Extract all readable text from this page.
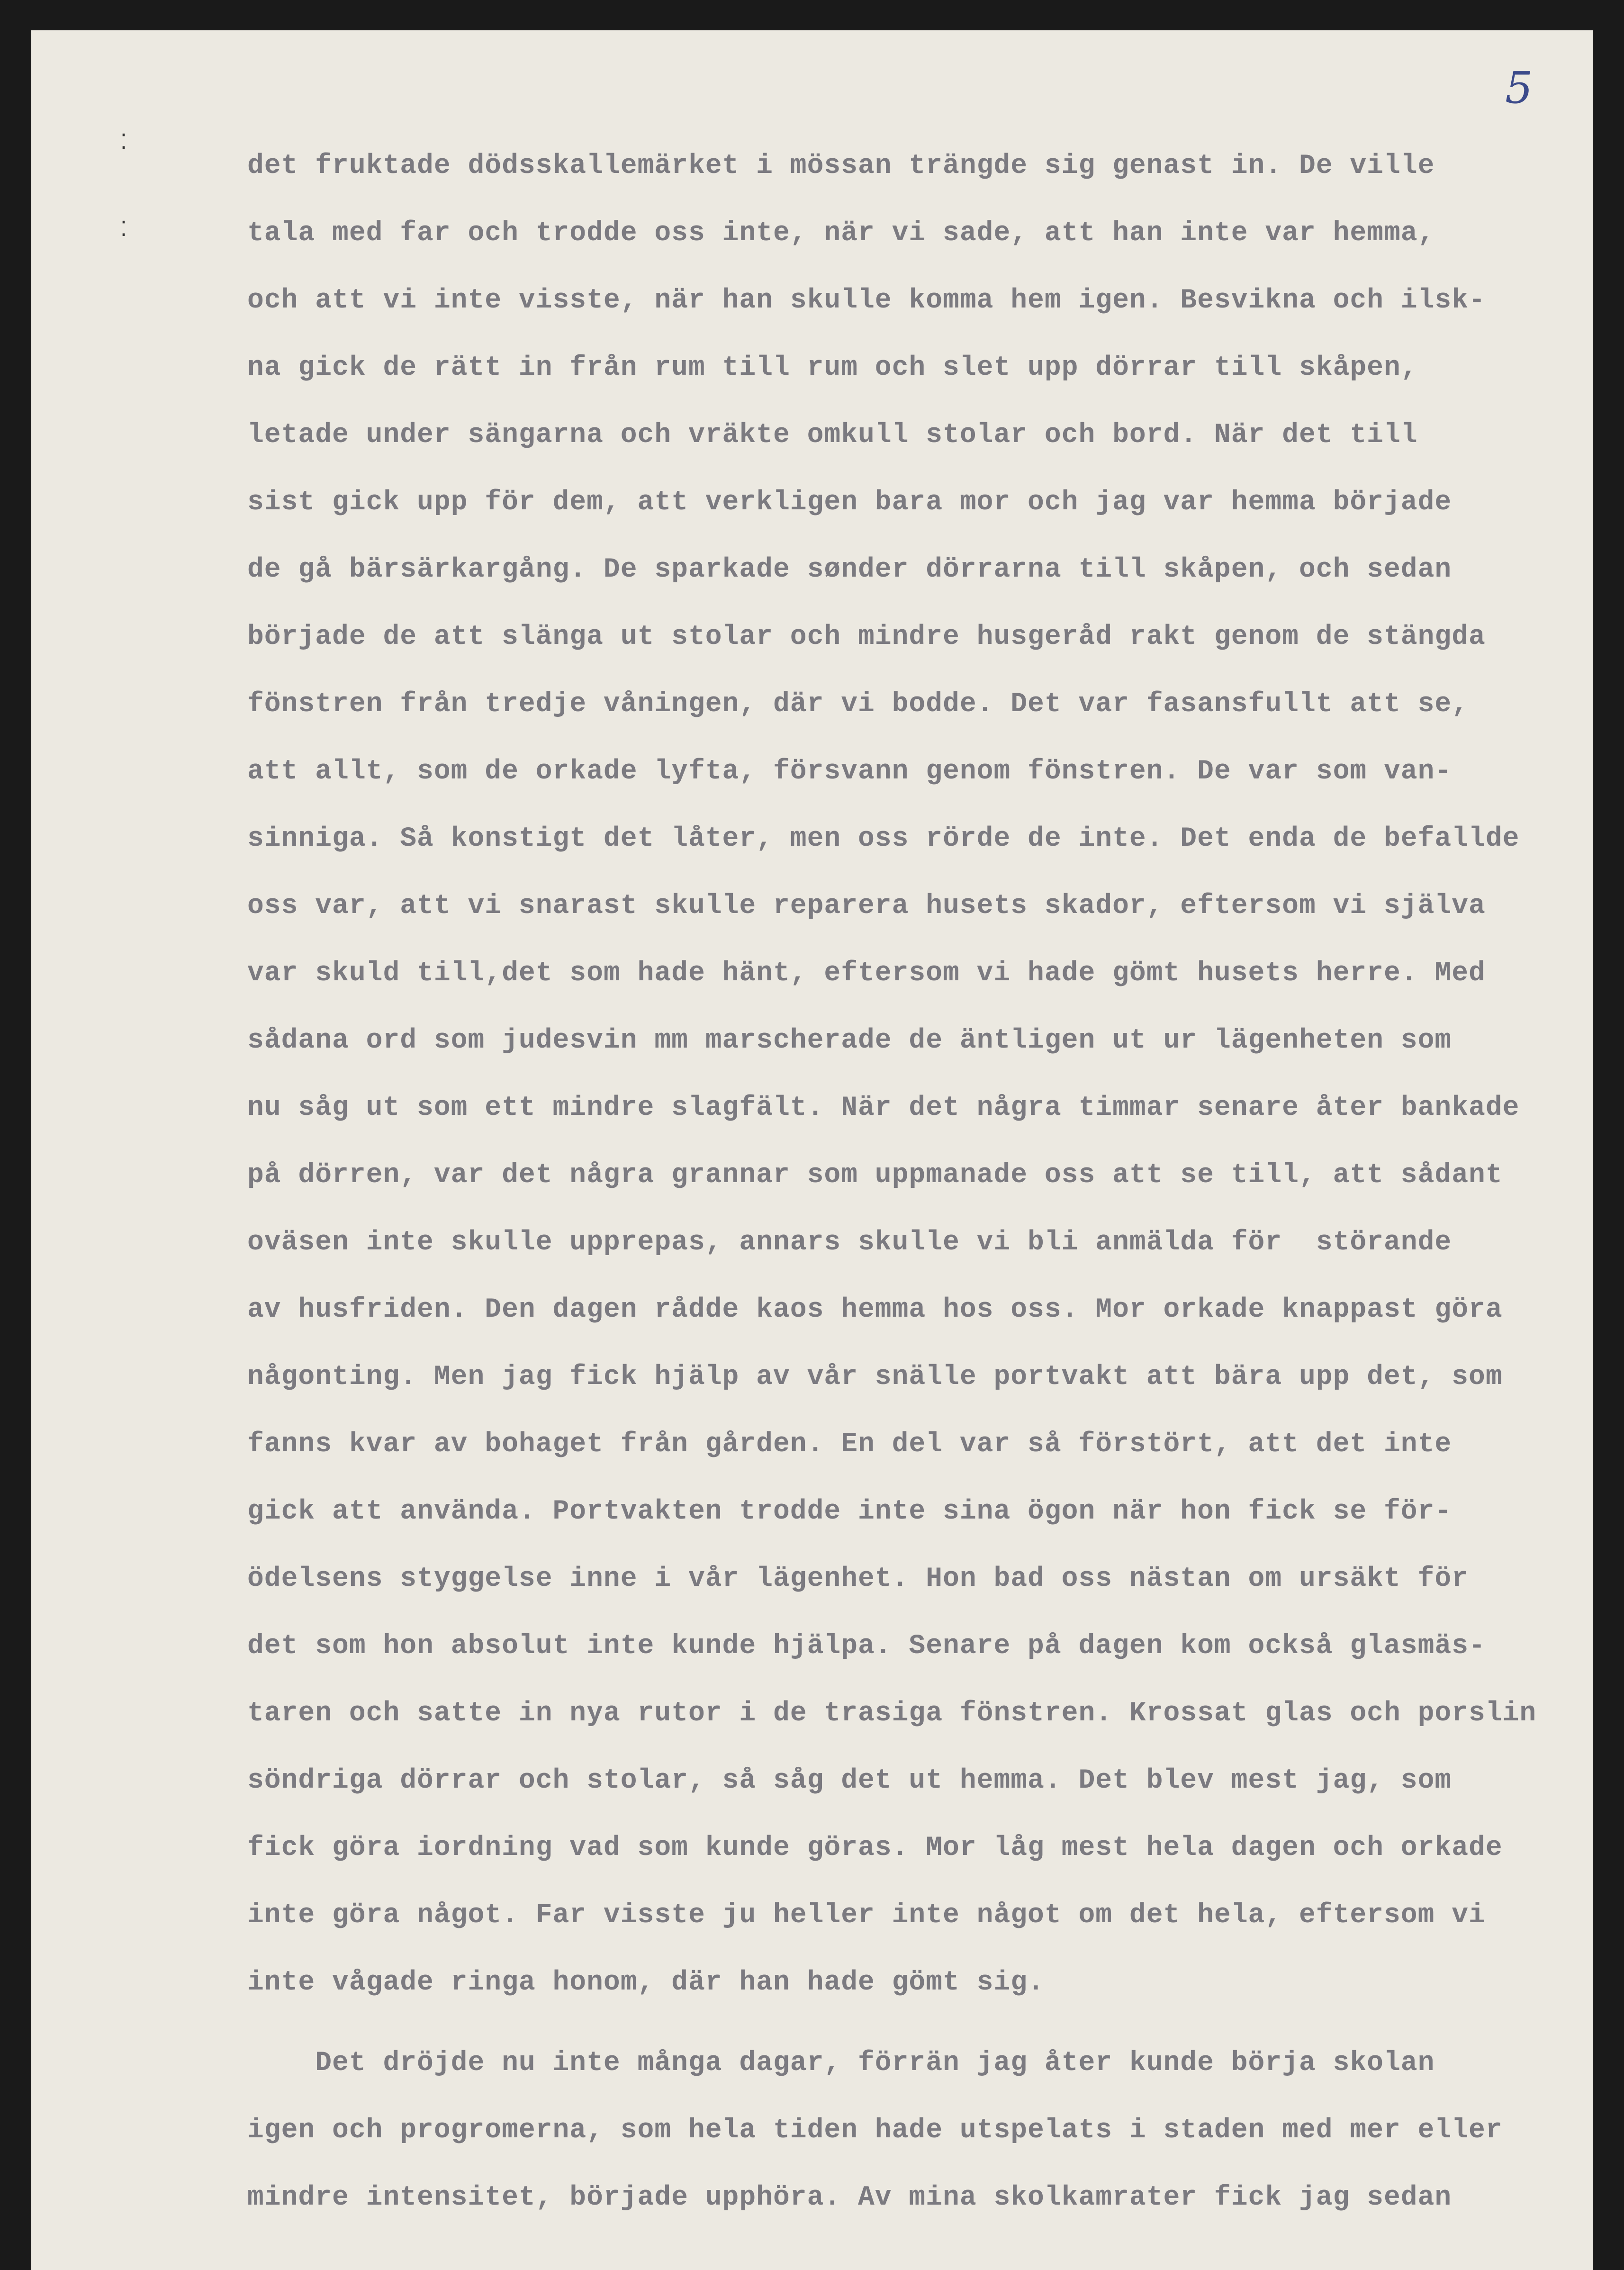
5
⁚
⁚
det fruktade dödsskallemärket i mössan trängde sig genast in. De ville
tala med far och trodde oss inte, när vi sade, att han inte var hemma,
och att vi inte visste, när han skulle komma hem igen. Besvikna och ilsk-
na gick de rätt in från rum till rum och slet upp dörrar till skåpen,
letade under sängarna och vräkte omkull stolar och bord. När det till
sist gick upp för dem, att verkligen bara mor och jag var hemma började
de gå bärsärkargång. De sparkade sønder dörrarna till skåpen, och sedan
började de att slänga ut stolar och mindre husgeråd rakt genom de stängda
fönstren från tredje våningen, där vi bodde. Det var fasansfullt att se,
att allt, som de orkade lyfta, försvann genom fönstren. De var som van-
sinniga. Så konstigt det låter, men oss rörde de inte. Det enda de befallde
oss var, att vi snarast skulle reparera husets skador, eftersom vi själva
var skuld till,det som hade hänt, eftersom vi hade gömt husets herre. Med
sådana ord som judesvin mm marscherade de äntligen ut ur lägenheten som
nu såg ut som ett mindre slagfält. När det några timmar senare åter bankade
på dörren, var det några grannar som uppmanade oss att se till, att sådant
oväsen inte skulle upprepas, annars skulle vi bli anmälda för  störande
av husfriden. Den dagen rådde kaos hemma hos oss. Mor orkade knappast göra
någonting. Men jag fick hjälp av vår snälle portvakt att bära upp det, som
fanns kvar av bohaget från gården. En del var så förstört, att det inte
gick att använda. Portvakten trodde inte sina ögon när hon fick se för-
ödelsens styggelse inne i vår lägenhet. Hon bad oss nästan om ursäkt för
det som hon absolut inte kunde hjälpa. Senare på dagen kom också glasmäs-
taren och satte in nya rutor i de trasiga fönstren. Krossat glas och porslin
söndriga dörrar och stolar, så såg det ut hemma. Det blev mest jag, som
fick göra iordning vad som kunde göras. Mor låg mest hela dagen och orkade
inte göra något. Far visste ju heller inte något om det hela, eftersom vi
inte vågade ringa honom, där han hade gömt sig.
Det dröjde nu inte många dagar, förrän jag åter kunde börja skolan
igen och progromerna, som hela tiden hade utspelats i staden med mer eller
mindre intensitet, började upphöra. Av mina skolkamrater fick jag sedan
